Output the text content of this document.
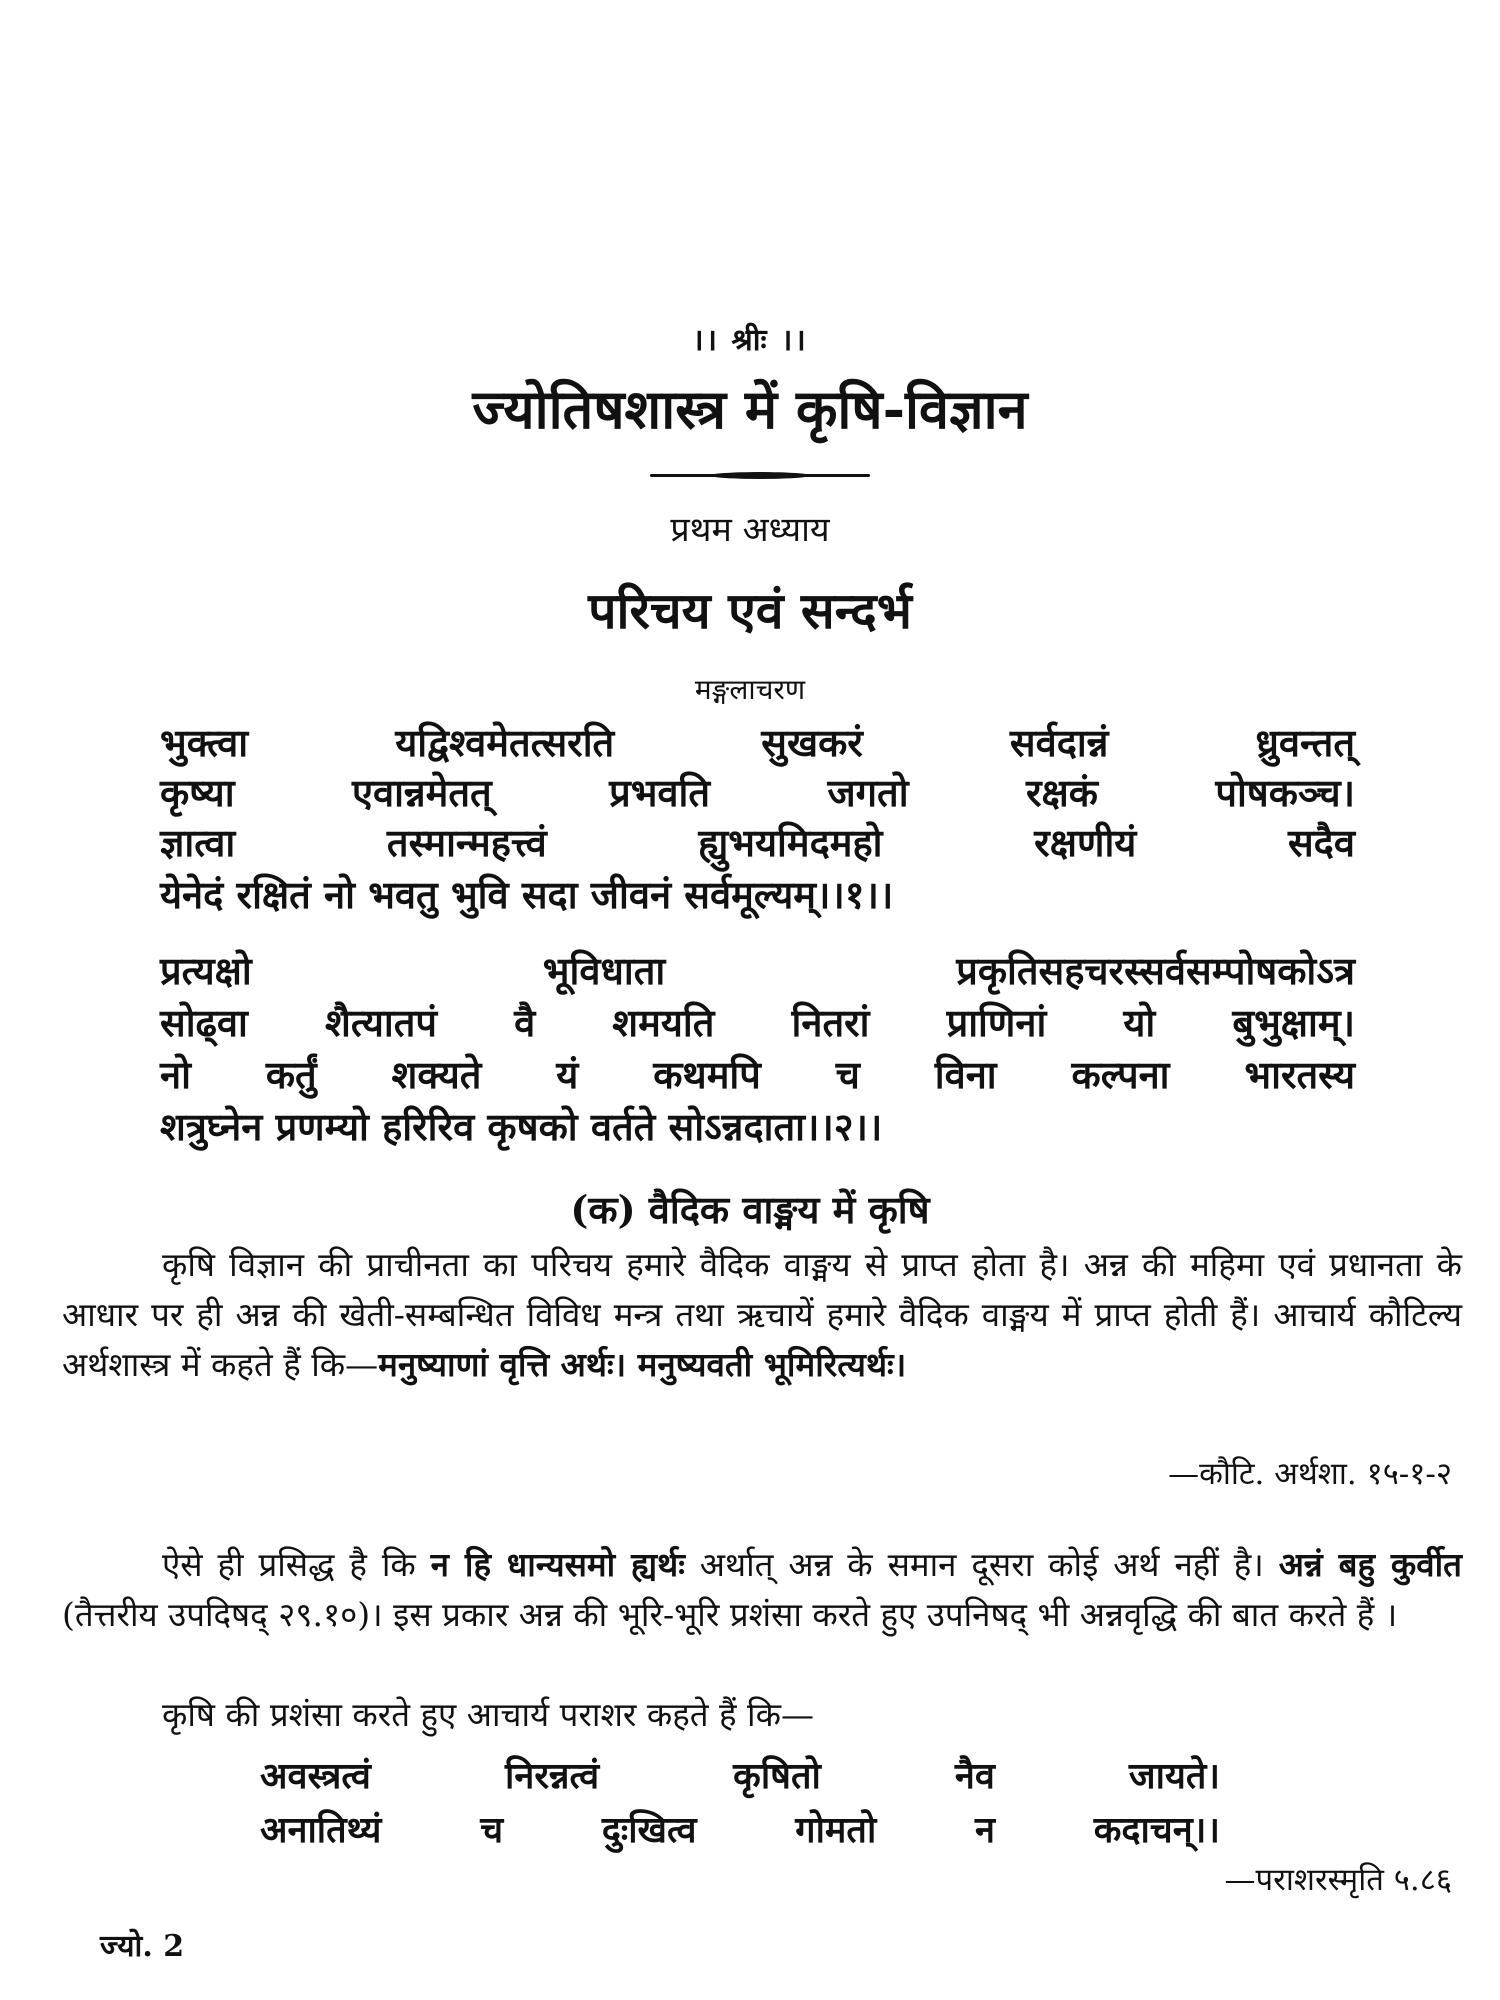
।। श्रीः ।।
ज्योतिषशास्त्र में कृषि-विज्ञान
प्रथम अध्याय
परिचय एवं सन्दर्भ
मङ्गलाचरण
भुक्त्वा यद्विश्वमेतत्सरति सुखकरं सर्वदान्नं ध्रुवन्तत्
कृष्या एवान्नमेतत् प्रभवति जगतो रक्षकं पोषकञ्च।
ज्ञात्वा तस्मान्महत्त्वं ह्युभयमिदमहो रक्षणीयं सदैव
येनेदं रक्षितं नो भवतु भुवि सदा जीवनं सर्वमूल्यम्।।१।।
प्रत्यक्षो भूविधाता प्रकृतिसहचरस्सर्वसम्पोषकोऽत्र
सोढ्वा शैत्यातपं वै शमयति नितरां प्राणिनां यो बुभुक्षाम्।
नो कर्तुं शक्यते यं कथमपि च विना कल्पना भारतस्य
शत्रुघ्नेन प्रणम्यो हरिरिव कृषको वर्तते सोऽन्नदाता।।२।।
(क) वैदिक वाङ्मय में कृषि
कृषि विज्ञान की प्राचीनता का परिचय हमारे वैदिक वाङ्मय से प्राप्त होता है। अन्न की महिमा एवं प्रधानता के आधार पर ही अन्न की खेती-सम्बन्धित विविध मन्त्र तथा ऋचायें हमारे वैदिक वाङ्मय में प्राप्त होती हैं। आचार्य कौटिल्य अर्थशास्त्र में कहते हैं कि—मनुष्याणां वृत्ति अर्थः। मनुष्यवती भूमिरित्यर्थः।
—कौटि. अर्थशा. १५-१-२
ऐसे ही प्रसिद्ध है कि न हि धान्यसमो ह्यर्थः अर्थात् अन्न के समान दूसरा कोई अर्थ नहीं है। अन्नं बहु कुर्वीत (तैत्तरीय उपदिषद् २९.१०)। इस प्रकार अन्न की भूरि-भूरि प्रशंसा करते हुए उपनिषद् भी अन्नवृद्धि की बात करते हैं ।
कृषि की प्रशंसा करते हुए आचार्य पराशर कहते हैं कि—
अवस्त्रत्वं निरन्नत्वं कृषितो नैव जायते।
अनातिथ्यं च दुःखित्व गोमतो न कदाचन्।।
—पराशरस्मृति ५.८६
ज्यो. 2
